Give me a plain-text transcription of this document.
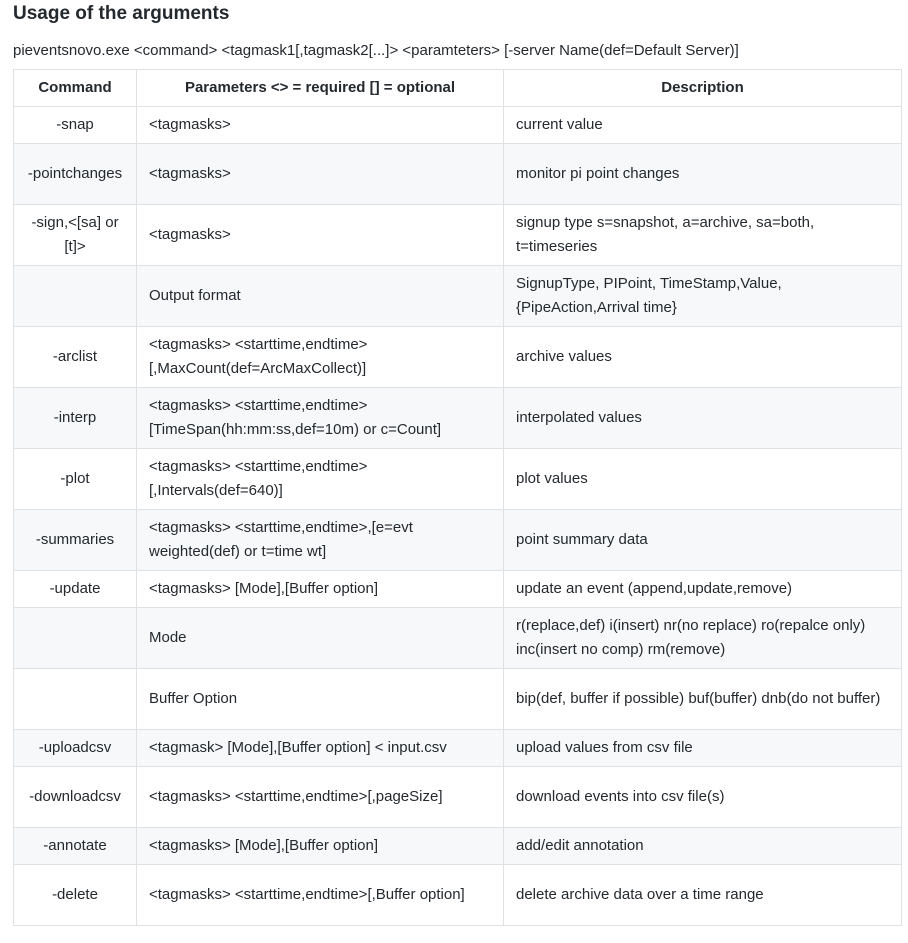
Usage of the arguments
pieventsnovo.exe <command> <tagmask1[,tagmask2[...]> <paramteters> [-server Name(def=Default Server)]
Command	Parameters <> = required [] = optional	Description
-snap	<tagmasks>	current value
-pointchanges	<tagmasks>	monitor pi point changes
-sign,<[sa] or [t]>	<tagmasks>	signup type s=snapshot, a=archive, sa=both, t=timeseries
	Output format	SignupType, PIPoint, TimeStamp,Value, {PipeAction,Arrival time}
-arclist	<tagmasks> <starttime,endtime> [,MaxCount(def=ArcMaxCollect)]	archive values
-interp	<tagmasks> <starttime,endtime> [TimeSpan(hh:mm:ss,def=10m) or c=Count]	interpolated values
-plot	<tagmasks> <starttime,endtime> [,Intervals(def=640)]	plot values
-summaries	<tagmasks> <starttime,endtime>,[e=evt weighted(def) or t=time wt]	point summary data
-update	<tagmasks> [Mode],[Buffer option]	update an event (append,update,remove)
	Mode	r(replace,def) i(insert) nr(no replace) ro(repalce only) inc(insert no comp) rm(remove)
	Buffer Option	bip(def, buffer if possible) buf(buffer) dnb(do not buffer)
-uploadcsv	<tagmask> [Mode],[Buffer option] < input.csv	upload values from csv file
-downloadcsv	<tagmasks> <starttime,endtime>[,pageSize]	download events into csv file(s)
-annotate	<tagmasks> [Mode],[Buffer option]	add/edit annotation
-delete	<tagmasks> <starttime,endtime>[,Buffer option]	delete archive data over a time range
